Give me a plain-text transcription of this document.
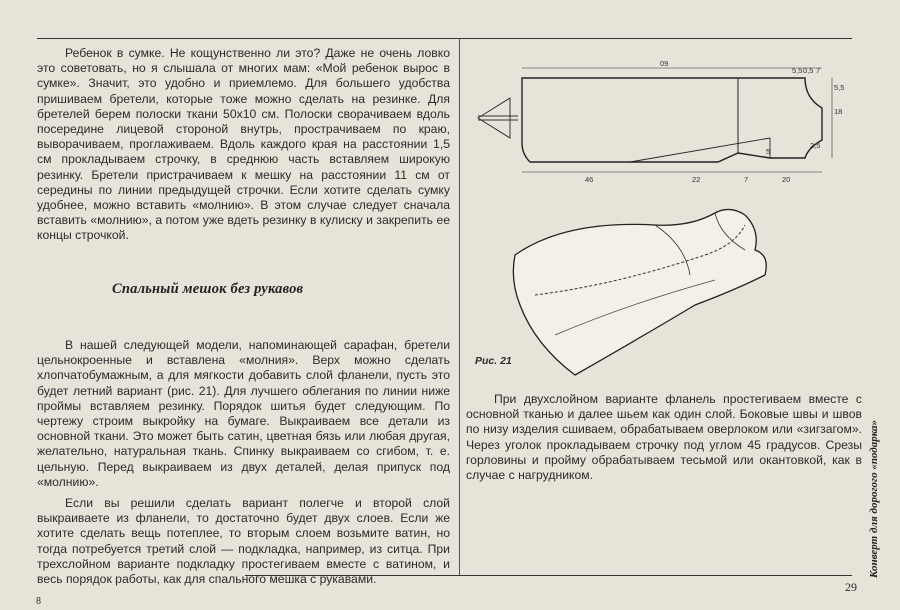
Ребенок в сумке. Не кощунственно ли это? Даже не очень ловко это советовать, но я слышала от многих мам: «Мой ребенок вырос в сумке». Значит, это удобно и приемлемо. Для большего удобства пришиваем бретели, которые тоже можно сделать на резинке. Для бретелей берем полоски ткани 50х10 см. Полоски сворачиваем вдоль посередине лицевой стороной внутрь, прострачиваем по краю, выворачиваем, проглаживаем. Вдоль каждого края на расстоянии 1,5 см прокладываем строчку, в среднюю часть вставляем широкую резинку. Бретели пристрачиваем к мешку на расстоянии 11 см от середины по линии предыдущей строчки. Если хотите сделать сумку удобнее, можно вставить «молнию». В этом случае следует сначала вставить «молнию», а потом уже вдеть резинку в кулиску и закрепить ее концы строчкой.

Спальный мешок без рукавов

В нашей следующей модели, напоминающей сарафан, бретели цельнокроенные и вставлена «молния». Верх можно сделать хлопчатобумажным, а для мягкости добавить слой фланели, пусть это будет летний вариант (рис. 21). Для лучшего облегания по линии ниже проймы вставляем резинку. Порядок шитья будет следующим. По чертежу строим выкройку на бумаге. Выкраиваем все детали из основной ткани. Это может быть сатин, цветная бязь или любая другая, желательно, натуральная ткань. Спинку выкраиваем со сгибом, т. е. цельную. Перед выкраиваем из двух деталей, делая припуск под «молнию».

Если вы решили сделать вариант полегче и второй слой выкраиваете из фланели, то достаточно будет двух слоев. Если же хотите сделать вещь потеплее, то вторым слоем возьмите ватин, но тогда потребуется третий слой — подкладка, например, из ситца. При трехслойном варианте подкладку простегиваем вместе с ватином, и весь порядок работы, как для спального мешка с рукавами.

09
5,5 0,5 7
5,5
18
2,5
5
46	22	7	20
Рис. 21

При двухслойном варианте фланель простегиваем вместе с основной тканью и далее шьем как один слой. Боковые швы и швов по низу изделия сшиваем, обрабатываем оверлоком или «зигзагом». Через уголок прокладываем строчку под углом 45 градусов. Срезы горловины и пройму обрабатываем тесьмой или окантовкой, как в случае с нагрудником.	Конверт для дорогого «подарка»
29
8
